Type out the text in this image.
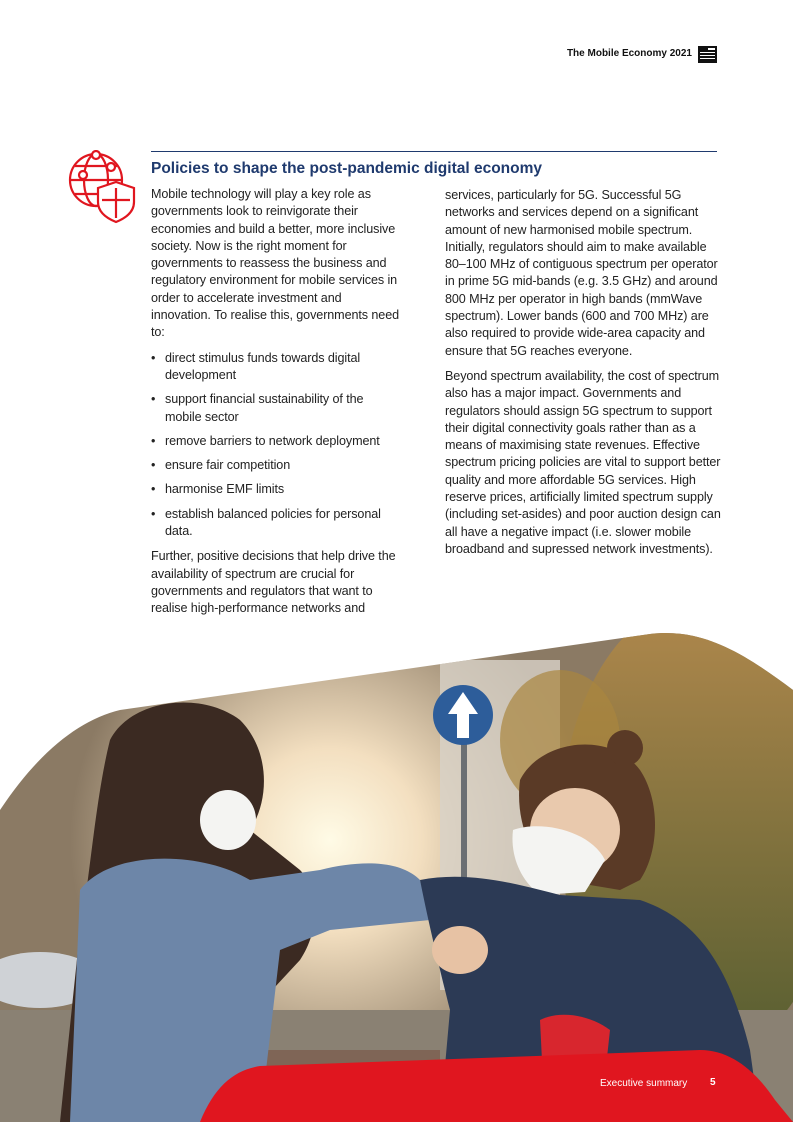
The Mobile Economy 2021
Policies to shape the post-pandemic digital economy

Mobile technology will play a key role as governments look to reinvigorate their economies and build a better, more inclusive society. Now is the right moment for governments to reassess the business and regulatory environment for mobile services in order to accelerate investment and innovation. To realise this, governments need to:

• direct stimulus funds towards digital development
• support financial sustainability of the mobile sector
• remove barriers to network deployment
• ensure fair competition
• harmonise EMF limits
• establish balanced policies for personal data.

Further, positive decisions that help drive the availability of spectrum are crucial for governments and regulators that want to realise high-performance networks and

services, particularly for 5G. Successful 5G networks and services depend on a significant amount of new harmonised mobile spectrum. Initially, regulators should aim to make available 80–100 MHz of contiguous spectrum per operator in prime 5G mid-bands (e.g. 3.5 GHz) and around 800 MHz per operator in high bands (mmWave spectrum). Lower bands (600 and 700 MHz) are also required to provide wide-area capacity and ensure that 5G reaches everyone.

Beyond spectrum availability, the cost of spectrum also has a major impact. Governments and regulators should assign 5G spectrum to support their digital connectivity goals rather than as a means of maximising state revenues. Effective spectrum pricing policies are vital to support better quality and more affordable 5G services. High reserve prices, artificially limited spectrum supply (including set-asides) and poor auction design can all have a negative impact (i.e. slower mobile broadband and supressed network investments).

Executive summary 5
